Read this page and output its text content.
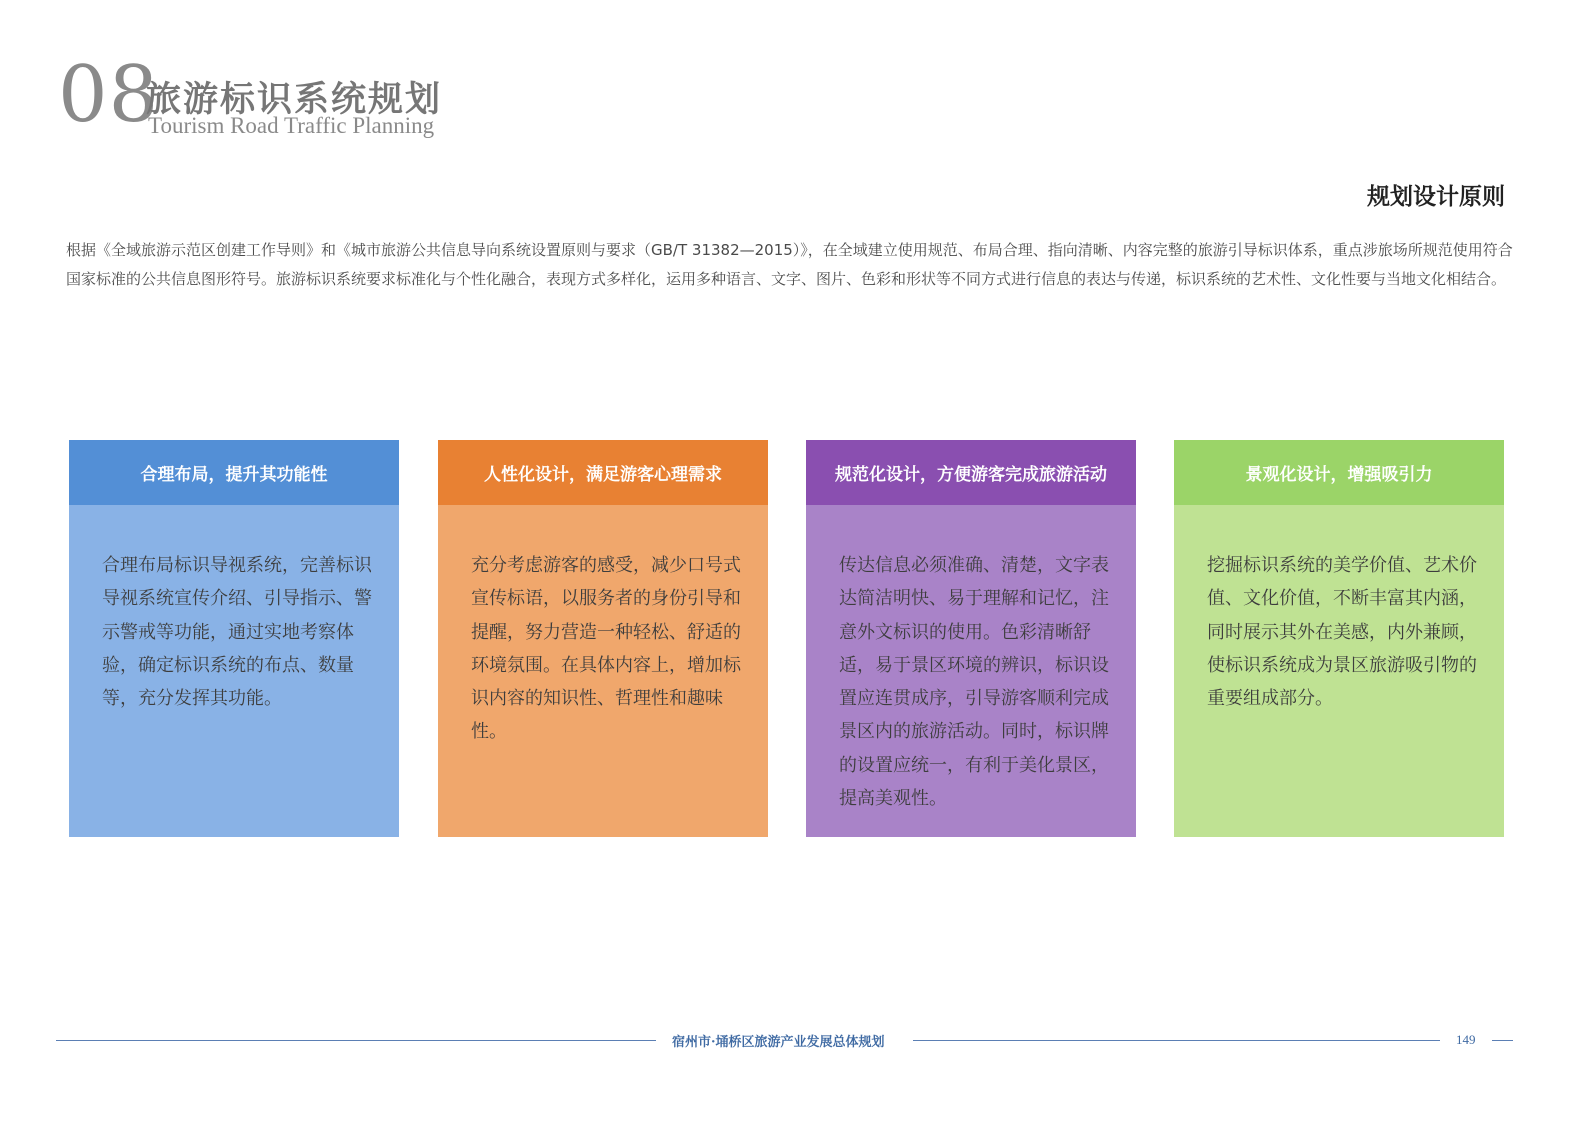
08
旅游标识系统规划
Tourism Road Traffic Planning
规划设计原则

根据《全域旅游示范区创建工作导则》和《城市旅游公共信息导向系统设置原则与要求（GB/T 31382—2015）》，在全域建立使用规范、布局合理、指向清晰、内容完整的旅游引导标识体系，重点涉旅场所规范使用符合国家标准的公共信息图形符号。旅游标识系统要求标准化与个性化融合，表现方式多样化，运用多种语言、文字、图片、色彩和形状等不同方式进行信息的表达与传递，标识系统的艺术性、文化性要与当地文化相结合。

合理布局，提升其功能性
合理布局标识导视系统，完善标识导视系统宣传介绍、引导指示、警示警戒等功能，通过实地考察体验，确定标识系统的布点、数量等，充分发挥其功能。
人性化设计，满足游客心理需求
充分考虑游客的感受，减少口号式宣传标语，以服务者的身份引导和提醒，努力营造一种轻松、舒适的环境氛围。在具体内容上，增加标识内容的知识性、哲理性和趣味性。
规范化设计，方便游客完成旅游活动
传达信息必须准确、清楚，文字表达简洁明快、易于理解和记忆，注意外文标识的使用。色彩清晰舒适，易于景区环境的辨识，标识设置应连贯成序，引导游客顺利完成景区内的旅游活动。同时，标识牌的设置应统一，有利于美化景区，提高美观性。
景观化设计，增强吸引力
挖掘标识系统的美学价值、艺术价值、文化价值，不断丰富其内涵，同时展示其外在美感，内外兼顾，使标识系统成为景区旅游吸引物的重要组成部分。
宿州市·埇桥区旅游产业发展总体规划	149
